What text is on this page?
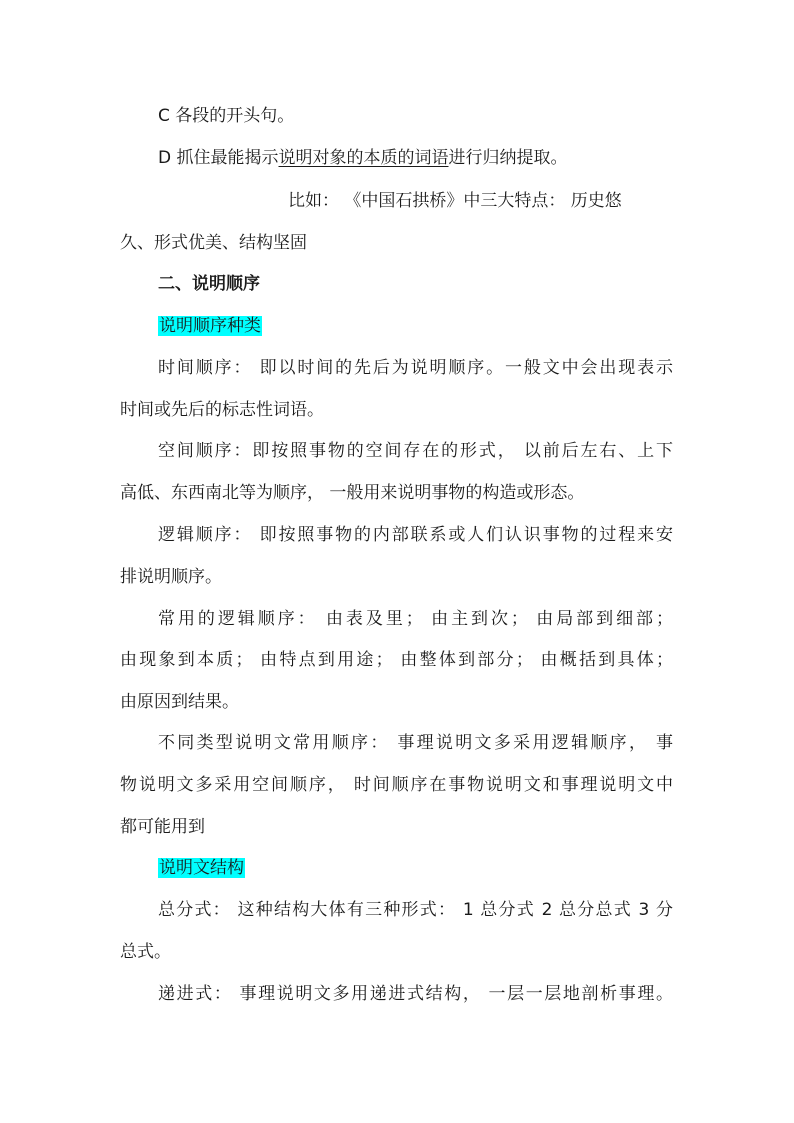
C 各段的开头句。
D 抓住最能揭示说明对象的本质的词语进行归纳提取。
比如： 《中国石拱桥》中三大特点： 历史悠
久、形式优美、结构坚固
二、说明顺序
说明顺序种类
时间顺序： 即以时间的先后为说明顺序。一般文中会出现表示
时间或先后的标志性词语。
空间顺序：即按照事物的空间存在的形式， 以前后左右、上下
高低、东西南北等为顺序， 一般用来说明事物的构造或形态。
逻辑顺序： 即按照事物的内部联系或人们认识事物的过程来安
排说明顺序。
常用的逻辑顺序： 由表及里； 由主到次； 由局部到细部；
由现象到本质； 由特点到用途； 由整体到部分； 由概括到具体；
由原因到结果。
不同类型说明文常用顺序： 事理说明文多采用逻辑顺序， 事
物说明文多采用空间顺序， 时间顺序在事物说明文和事理说明文中
都可能用到
说明文结构
总分式： 这种结构大体有三种形式： 1 总分式 2 总分总式 3 分
总式。
递进式： 事理说明文多用递进式结构， 一层一层地剖析事理。
